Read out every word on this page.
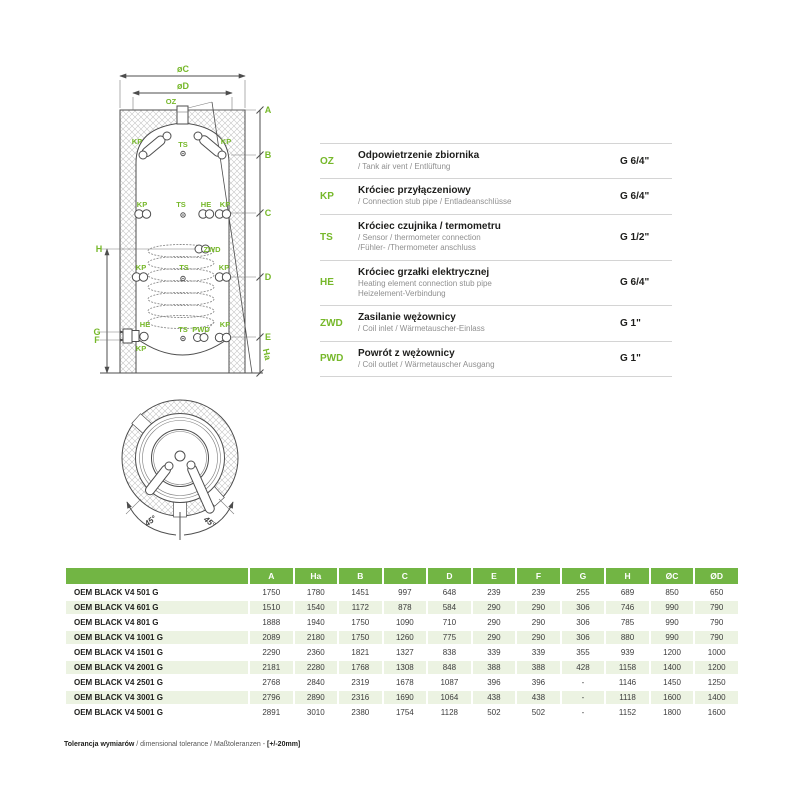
OZ
øC
øD
A
B
C
D
E
Ha
H
G
F
KP	KP
TS
KP	TS HE KP
ZWD
KP	TS	KP
HE
TS PWD
KP
KP
45°	45°
OZ
Odpowietrzenie zbiornika
/ Tank air vent / Entlüftung	G 6/4"
KP
Króciec przyłączeniowy
/ Connection stub pipe / Entladeanschlüsse	G 6/4"
TS
Króciec czujnika / termometru
/ Sensor / thermometer connection
/Fühler- /Thermometer anschluss
G 1/2"
HE
Króciec grzałki elektrycznej
Heating element connection stub pipe
Heizelement-Verbindung
G 6/4"
ZWD
Zasilanie wężownicy
/ Coil inlet / Wärmetauscher-Einlass	G 1"
PWD
Powrót z wężownicy
/ Coil outlet / Wärmetauscher Ausgang	G 1"
	A	Ha	B	C	D	E	F	G	H	ØC	ØD
OEM BLACK V4 501 G	1750	1780	1451	997	648	239	239	255	689	850	650
OEM BLACK V4 601 G	1510	1540	1172	878	584	290	290	306	746	990	790
OEM BLACK V4 801 G	1888	1940	1750	1090	710	290	290	306	785	990	790
OEM BLACK V4 1001 G	2089	2180	1750	1260	775	290	290	306	880	990	790
OEM BLACK V4 1501 G	2290	2360	1821	1327	838	339	339	355	939	1200	1000
OEM BLACK V4 2001 G	2181	2280	1768	1308	848	388	388	428	1158	1400	1200
OEM BLACK V4 2501 G	2768	2840	2319	1678	1087	396	396	-	1146	1450	1250
OEM BLACK V4 3001 G	2796	2890	2316	1690	1064	438	438	-	1118	1600	1400
OEM BLACK V4 5001 G	2891	3010	2380	1754	1128	502	502	-	1152	1800	1600
Tolerancja wymiarów / dimensional tolerance / Maßtoleranzen - [+/-20mm]
